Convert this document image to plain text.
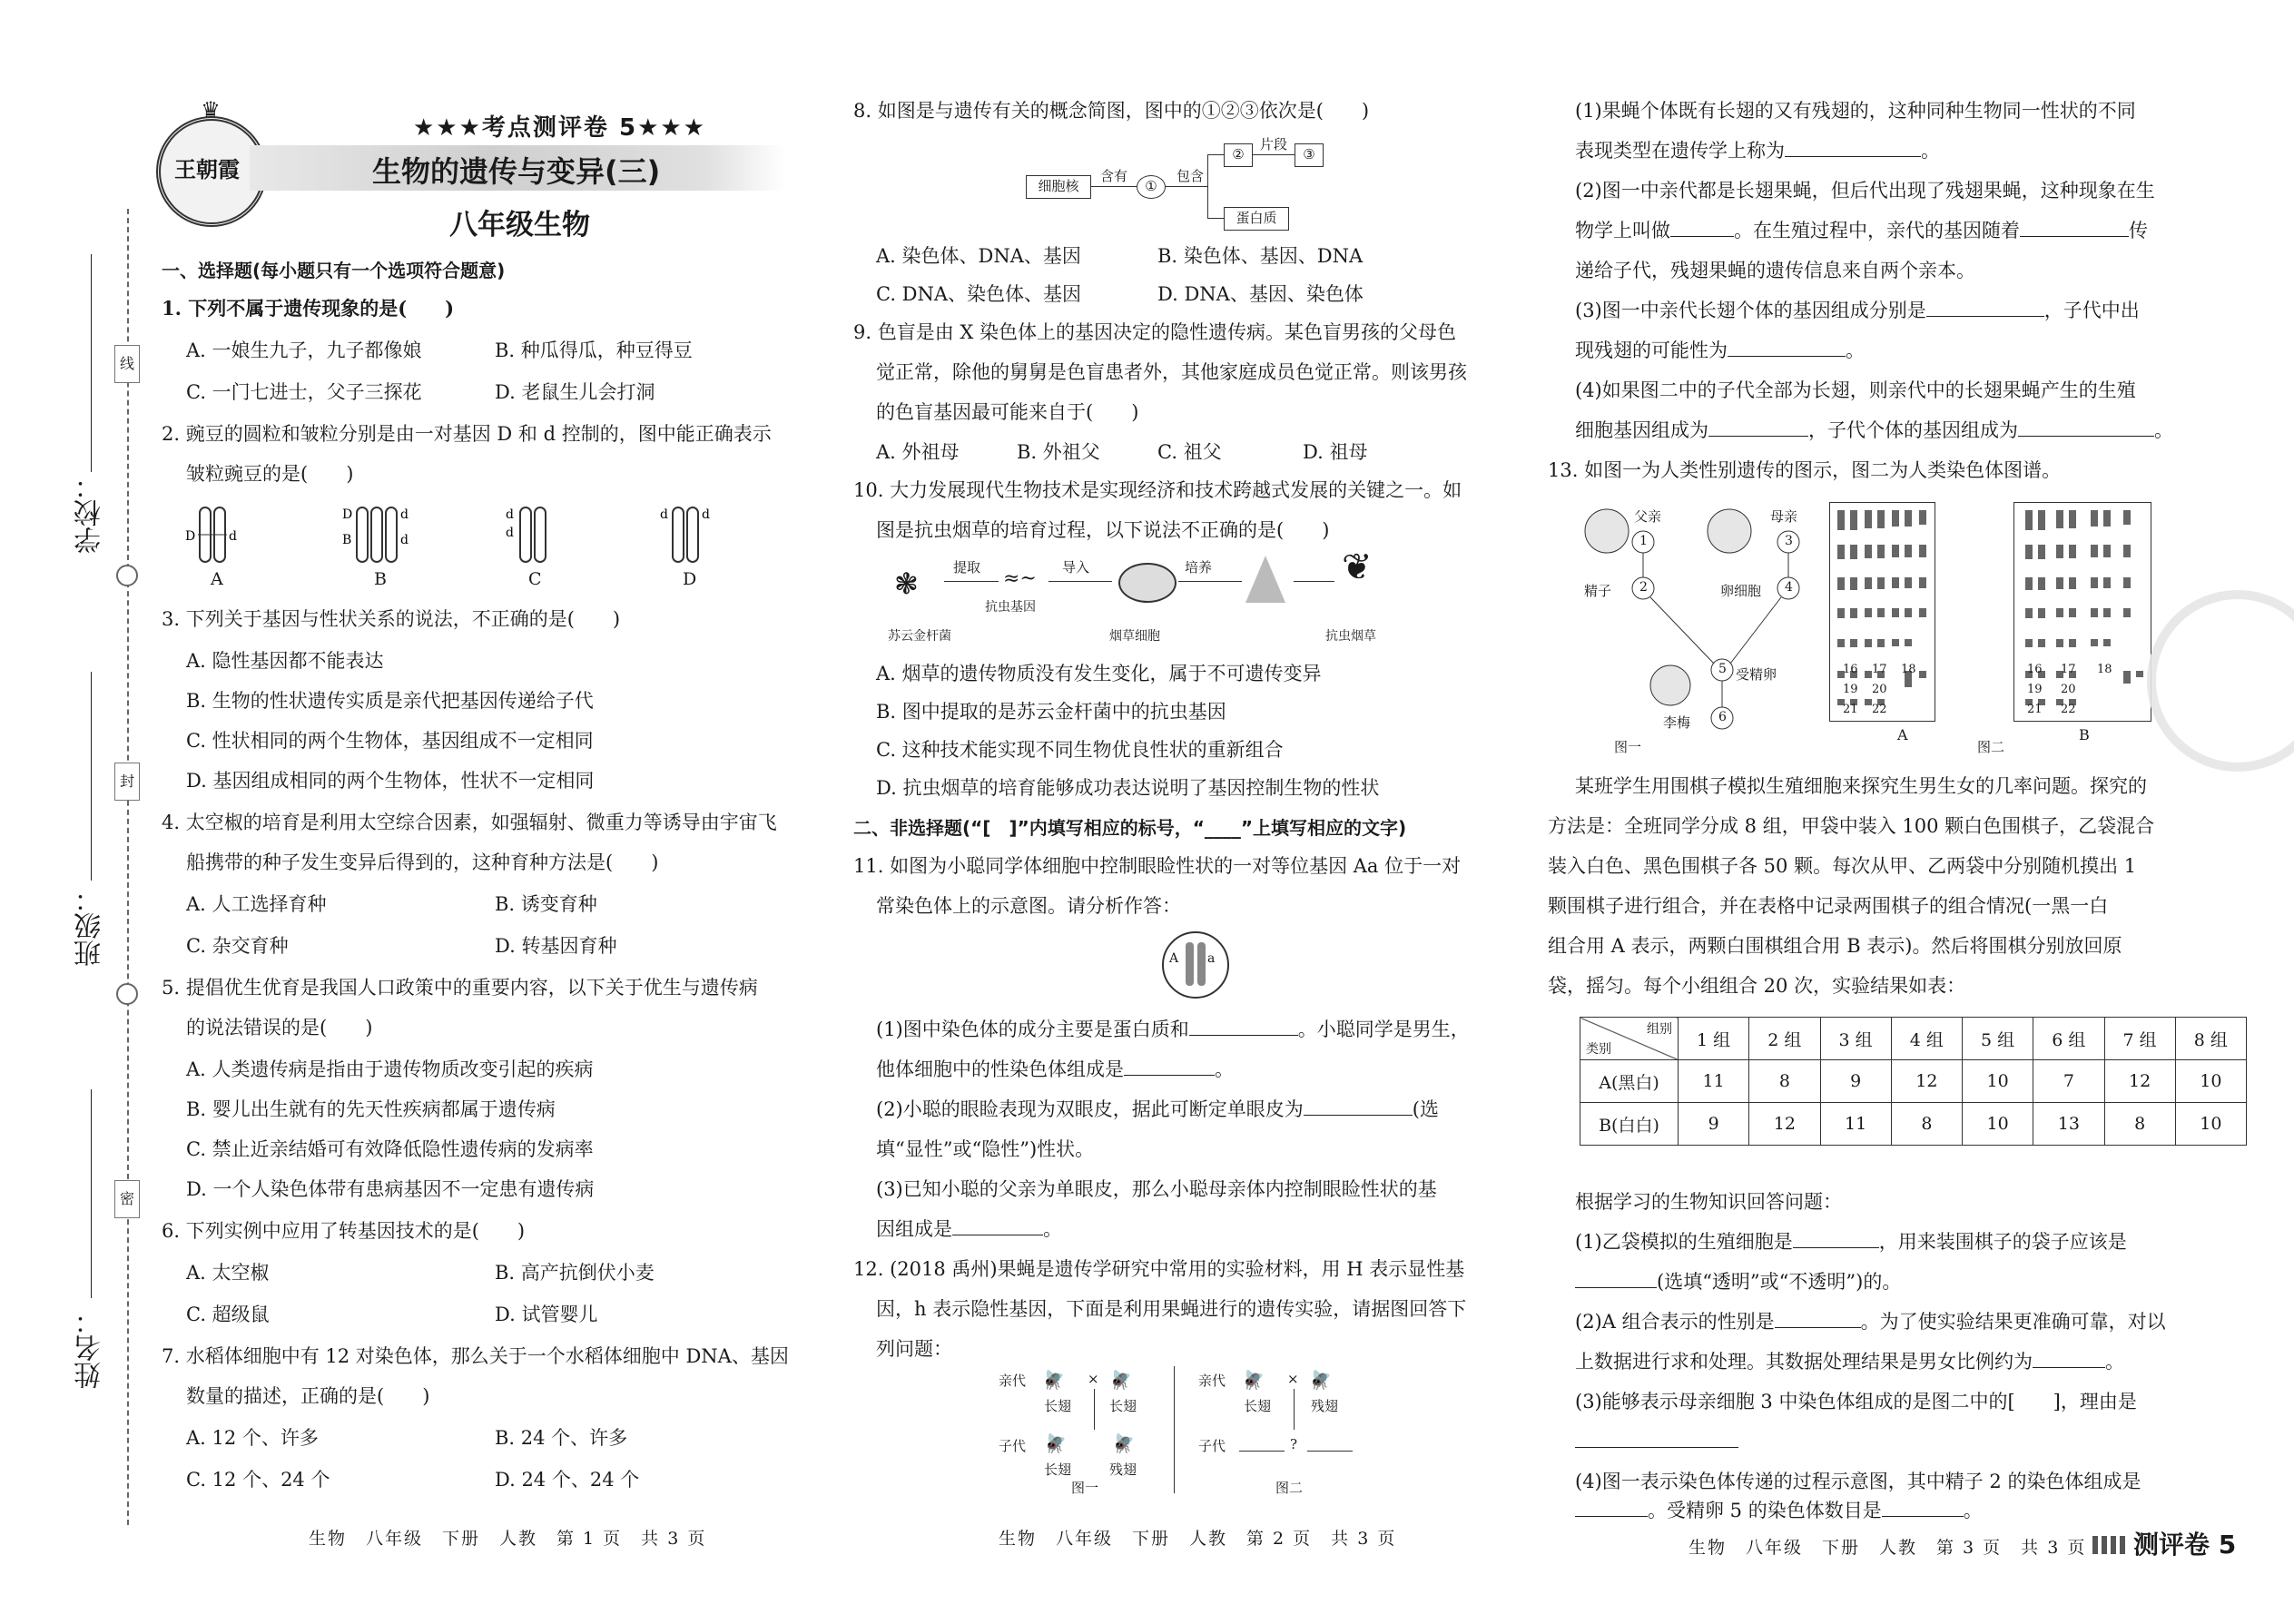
线
封
密
学校：
班级：
姓名：
♛
王朝霞
★★★考点测评卷 5★★★
生物的遗传与变异(三)
八年级生物
一、选择题(每小题只有一个选项符合题意)
1. 下列不属于遗传现象的是(　　)
A. 一娘生九子，九子都像娘	B. 种瓜得瓜，种豆得豆
C. 一门七进士，父子三探花	D. 老鼠生儿会打洞
2. 豌豆的圆粒和皱粒分别是由一对基因 D 和 d 控制的，图中能正确表示
皱粒豌豆的是(　　)
D	d
A
D
B
d
d
B
d
d
C
d	d
D
3. 下列关于基因与性状关系的说法，不正确的是(　　)
A. 隐性基因都不能表达
B. 生物的性状遗传实质是亲代把基因传递给子代
C. 性状相同的两个生物体，基因组成不一定相同
D. 基因组成相同的两个生物体，性状不一定相同
4. 太空椒的培育是利用太空综合因素，如强辐射、微重力等诱导由宇宙飞
船携带的种子发生变异后得到的，这种育种方法是(　　)
A. 人工选择育种	B. 诱变育种
C. 杂交育种	D. 转基因育种
5. 提倡优生优育是我国人口政策中的重要内容，以下关于优生与遗传病
的说法错误的是(　　)
A. 人类遗传病是指由于遗传物质改变引起的疾病
B. 婴儿出生就有的先天性疾病都属于遗传病
C. 禁止近亲结婚可有效降低隐性遗传病的发病率
D. 一个人染色体带有患病基因不一定患有遗传病
6. 下列实例中应用了转基因技术的是(　　)
A. 太空椒	B. 高产抗倒伏小麦
C. 超级鼠	D. 试管婴儿
7. 水稻体细胞中有 12 对染色体，那么关于一个水稻体细胞中 DNA、基因
数量的描述，正确的是(　　)
A. 12 个、许多	B. 24 个、许多
C. 12 个、24 个	D. 24 个、24 个
生物　八年级　下册　人教　第 1 页　共 3 页
8. 如图是与遗传有关的概念简图，图中的①②③依次是(　　)
细胞核
含有
①
包含
②
片段
③
蛋白质
A. 染色体、DNA、基因	B. 染色体、基因、DNA
C. DNA、染色体、基因	D. DNA、基因、染色体
9. 色盲是由 X 染色体上的基因决定的隐性遗传病。某色盲男孩的父母色
觉正常，除他的舅舅是色盲患者外，其他家庭成员色觉正常。则该男孩
的色盲基因最可能来自于(　　)
A. 外祖母	B. 外祖父	C. 祖父	D. 祖母
10. 大力发展现代生物技术是实现经济和技术跨越式发展的关键之一。如
图是抗虫烟草的培育过程，以下说法不正确的是(　　)
❃	提取 ≈~
抗虫基因
导入	培养	❦
苏云金杆菌	烟草细胞	抗虫烟草
A. 烟草的遗传物质没有发生变化，属于不可遗传变异
B. 图中提取的是苏云金杆菌中的抗虫基因
C. 这种技术能实现不同生物优良性状的重新组合
D. 抗虫烟草的培育能够成功表达说明了基因控制生物的性状
二、非选择题(“[　]”内填写相应的标号，“____”上填写相应的文字)
11. 如图为小聪同学体细胞中控制眼睑性状的一对等位基因 Aa 位于一对
常染色体上的示意图。请分析作答：
A a
(1)图中染色体的成分主要是蛋白质和	。小聪同学是男生，
他体细胞中的性染色体组成是	。
(2)小聪的眼睑表现为双眼皮，据此可断定单眼皮为	(选
填“显性”或“隐性”)性状。
(3)已知小聪的父亲为单眼皮，那么小聪母亲体内控制眼睑性状的基
因组成是	。
12. (2018 禹州)果蝇是遗传学研究中常用的实验材料，用 H 表示显性基
因，h 表示隐性基因，下面是利用果蝇进行的遗传实验，请据图回答下
列问题：
亲代 🪰 × 🪰
长翅	长翅
子代 🪰	🪰
长翅	残翅
图一
亲代 🪰 × 🪰
长翅	残翅
子代	?
图二
生物　八年级　下册　人教　第 2 页　共 3 页
(1)果蝇个体既有长翅的又有残翅的，这种同种生物同一性状的不同
表现类型在遗传学上称为	。
(2)图一中亲代都是长翅果蝇，但后代出现了残翅果蝇，这种现象在生
物学上叫做	。在生殖过程中，亲代的基因随着	传
递给子代，残翅果蝇的遗传信息来自两个亲本。
(3)图一中亲代长翅个体的基因组成分别是	，子代中出
现残翅的可能性为	。
(4)如果图二中的子代全部为长翅，则亲代中的长翅果蝇产生的生殖
细胞基因组成为	，子代个体的基因组成为	。
13. 如图一为人类性别遗传的图示，图二为人类染色体图谱。
父亲	母亲
1
2
3
4
5
6
精子	卵细胞
受精卵
李梅
图一
16 17 18
19 20
21 22
A
16 17 18
19 20
21 22
B
图二
某班学生用围棋子模拟生殖细胞来探究生男生女的几率问题。探究的
方法是：全班同学分成 8 组，甲袋中装入 100 颗白色围棋子，乙袋混合
装入白色、黑色围棋子各 50 颗。每次从甲、乙两袋中分别随机摸出 1
颗围棋子进行组合，并在表格中记录两围棋子的组合情况(一黑一白
组合用 A 表示，两颗白围棋组合用 B 表示)。然后将围棋分别放回原
袋，摇匀。每个小组组合 20 次，实验结果如表：
组别
类别	1 组	2 组	3 组	4 组	5 组	6 组	7 组	8 组
A(黑白)	11	8	9	12	10	7	12	10
B(白白)	9	12	11	8	10	13	8	10
根据学习的生物知识回答问题：
(1)乙袋模拟的生殖细胞是	，用来装围棋子的袋子应该是
(选填“透明”或“不透明”)的。
(2)A 组合表示的性别是	。为了使实验结果更准确可靠，对以
上数据进行求和处理。其数据处理结果是男女比例约为	。
(3)能够表示母亲细胞 3 中染色体组成的是图二中的[　　]，理由是
(4)图一表示染色体传递的过程示意图，其中精子 2 的染色体组成是
。受精卵 5 的染色体数目是	。
生物　八年级　下册　人教　第 3 页　共 3 页 测评卷 5
